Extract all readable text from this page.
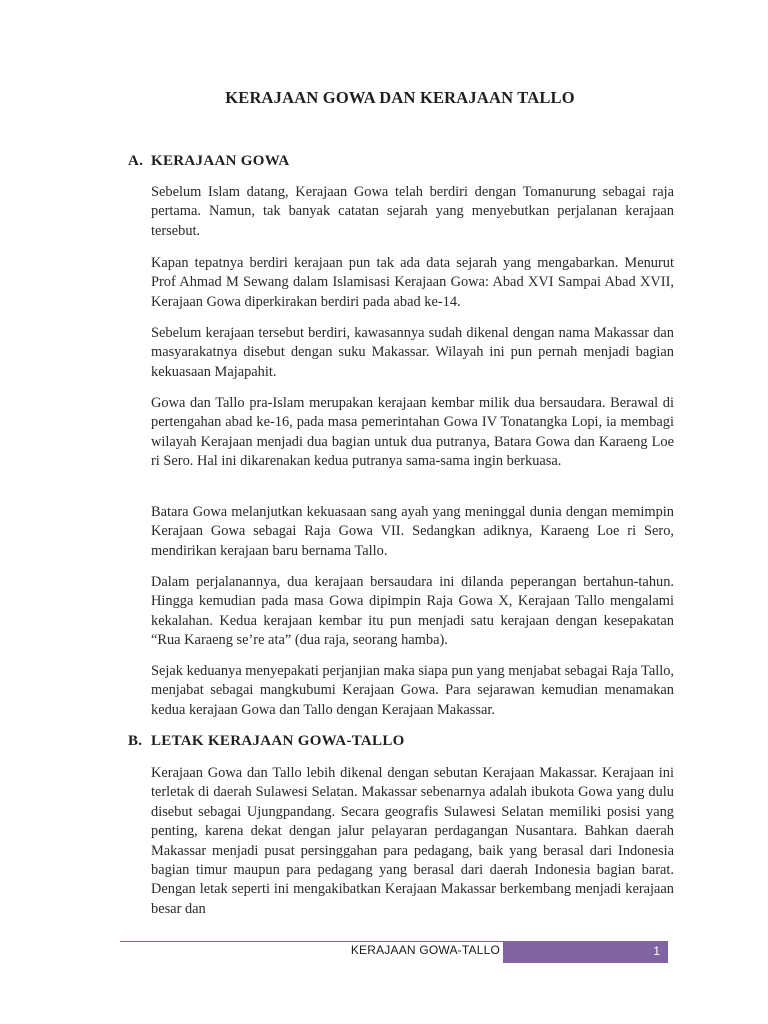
KERAJAAN GOWA DAN KERAJAAN TALLO
A. KERAJAAN GOWA
Sebelum Islam datang, Kerajaan Gowa telah berdiri dengan Tomanurung sebagai raja pertama. Namun, tak banyak catatan sejarah yang menyebutkan perjalanan kerajaan tersebut.
Kapan tepatnya berdiri kerajaan pun tak ada data sejarah yang mengabarkan. Menurut Prof Ahmad M Sewang dalam Islamisasi Kerajaan Gowa: Abad XVI Sampai Abad XVII, Kerajaan Gowa diperkirakan berdiri pada abad ke-14.
Sebelum kerajaan tersebut berdiri, kawasannya sudah dikenal dengan nama Makassar dan masyarakatnya disebut dengan suku Makassar. Wilayah ini pun pernah menjadi bagian kekuasaan Majapahit.
Gowa dan Tallo pra-Islam merupakan kerajaan kembar milik dua bersaudara. Berawal di pertengahan abad ke-16, pada masa pemerintahan Gowa IV Tonatangka Lopi, ia membagi wilayah Kerajaan menjadi dua bagian untuk dua putranya, Batara Gowa dan Karaeng Loe ri Sero. Hal ini dikarenakan kedua putranya sama-sama ingin berkuasa.
Batara Gowa melanjutkan kekuasaan sang ayah yang meninggal dunia dengan memimpin Kerajaan Gowa sebagai Raja Gowa VII. Sedangkan adiknya, Karaeng Loe ri Sero, mendirikan kerajaan baru bernama Tallo.
Dalam perjalanannya, dua kerajaan bersaudara ini dilanda peperangan bertahun-tahun. Hingga kemudian pada masa Gowa dipimpin Raja Gowa X, Kerajaan Tallo mengalami kekalahan. Kedua kerajaan kembar itu pun menjadi satu kerajaan dengan kesepakatan “Rua Karaeng se’re ata” (dua raja, seorang hamba).
Sejak keduanya menyepakati perjanjian maka siapa pun yang menjabat sebagai Raja Tallo, menjabat sebagai mangkubumi Kerajaan Gowa. Para sejarawan kemudian menamakan kedua kerajaan Gowa dan Tallo dengan Kerajaan Makassar.
B. LETAK KERAJAAN GOWA-TALLO
Kerajaan Gowa dan Tallo lebih dikenal dengan sebutan Kerajaan Makassar. Kerajaan ini terletak di daerah Sulawesi Selatan. Makassar sebenarnya adalah ibukota Gowa yang dulu disebut sebagai Ujungpandang. Secara geografis Sulawesi Selatan memiliki posisi yang penting, karena dekat dengan jalur pelayaran perdagangan Nusantara. Bahkan daerah Makassar menjadi pusat persinggahan para pedagang, baik yang berasal dari Indonesia bagian timur maupun para pedagang yang berasal dari daerah Indonesia bagian barat. Dengan letak seperti ini mengakibatkan Kerajaan Makassar berkembang menjadi kerajaan besar dan
KERAJAAN GOWA-TALLO	1
